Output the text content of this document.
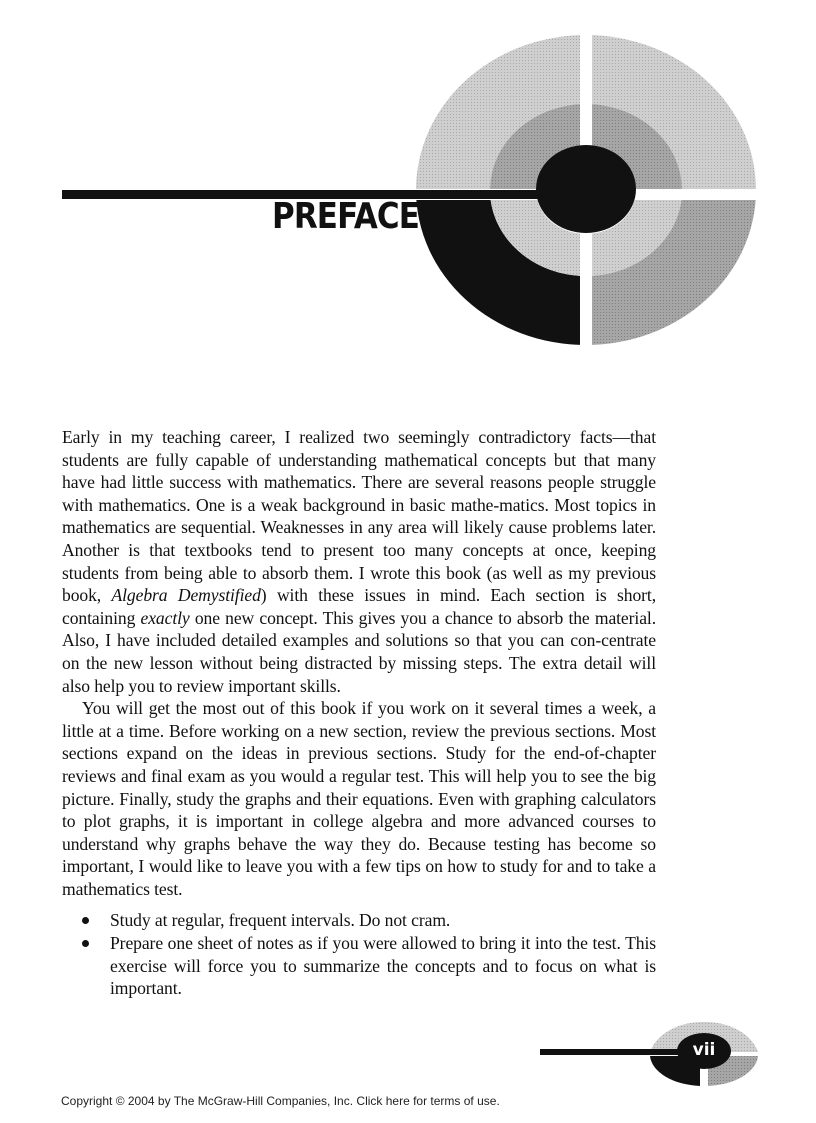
PREFACE

Early in my teaching career, I realized two seemingly contradictory facts—that students are fully capable of understanding mathematical concepts but that many have had little success with mathematics. There are several reasons people struggle with mathematics. One is a weak background in basic mathe-matics. Most topics in mathematics are sequential. Weaknesses in any area will likely cause problems later. Another is that textbooks tend to present too many concepts at once, keeping students from being able to absorb them. I wrote this book (as well as my previous book, Algebra Demystified) with these issues in mind. Each section is short, containing exactly one new concept. This gives you a chance to absorb the material. Also, I have included detailed examples and solutions so that you can con-centrate on the new lesson without being distracted by missing steps. The extra detail will also help you to review important skills.

You will get the most out of this book if you work on it several times a week, a little at a time. Before working on a new section, review the previous sections. Most sections expand on the ideas in previous sections. Study for the end-of-chapter reviews and final exam as you would a regular test. This will help you to see the big picture. Finally, study the graphs and their equations. Even with graphing calculators to plot graphs, it is important in college algebra and more advanced courses to understand why graphs behave the way they do. Because testing has become so important, I would like to leave you with a few tips on how to study for and to take a mathematics test.

Study at regular, frequent intervals. Do not cram.
Prepare one sheet of notes as if you were allowed to bring it into the test. This exercise will force you to summarize the concepts and to focus on what is important.
vii
Copyright © 2004 by The McGraw-Hill Companies, Inc. Click here for terms of use.
